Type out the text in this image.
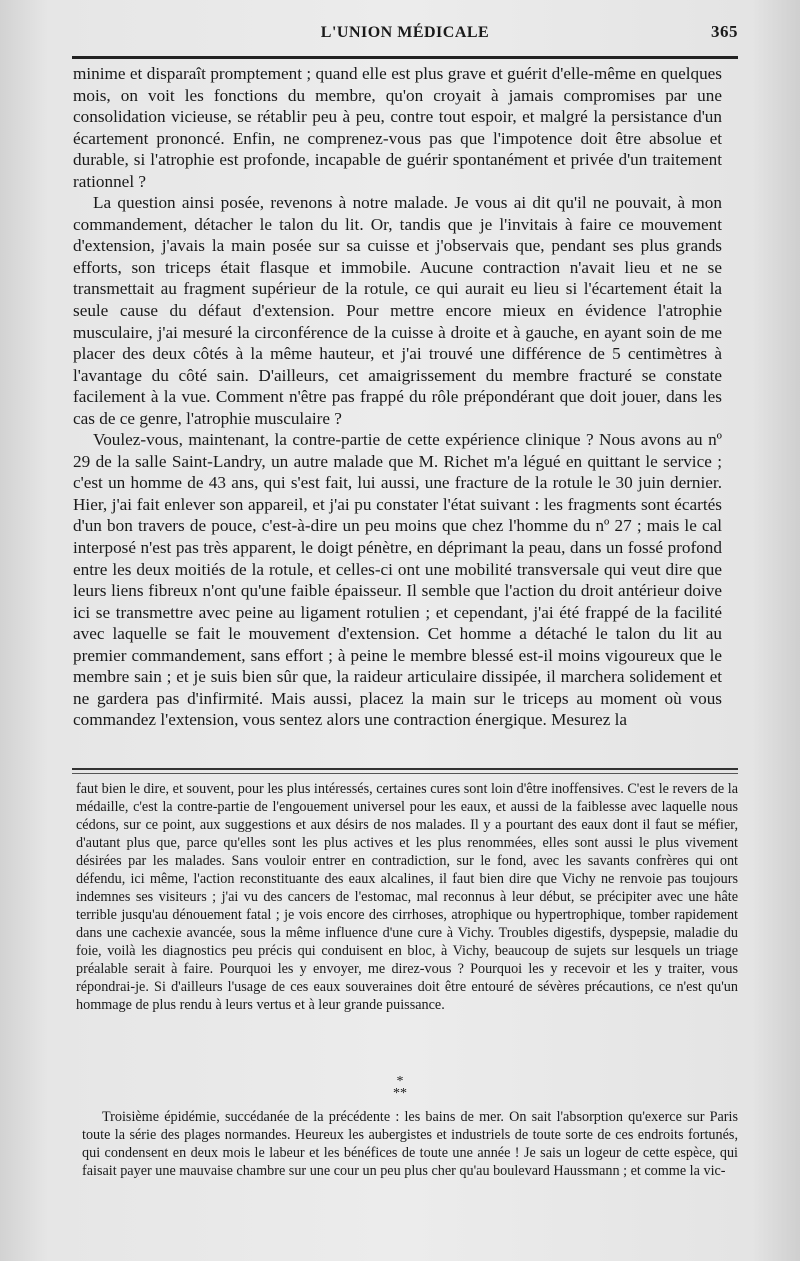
L'UNION MÉDICALE	365

minime et disparaît promptement ; quand elle est plus grave et guérit d'elle-même en quelques mois, on voit les fonctions du membre, qu'on croyait à jamais compromises par une consolidation vicieuse, se rétablir peu à peu, contre tout espoir, et malgré la persistance d'un écartement prononcé. Enfin, ne comprenez-vous pas que l'impotence doit être absolue et durable, si l'atrophie est profonde, incapable de guérir spontanément et privée d'un traitement rationnel ?

La question ainsi posée, revenons à notre malade. Je vous ai dit qu'il ne pouvait, à mon commandement, détacher le talon du lit. Or, tandis que je l'invitais à faire ce mouvement d'extension, j'avais la main posée sur sa cuisse et j'observais que, pendant ses plus grands efforts, son triceps était flasque et immobile. Aucune contraction n'avait lieu et ne se transmettait au fragment supérieur de la rotule, ce qui aurait eu lieu si l'écartement était la seule cause du défaut d'extension. Pour mettre encore mieux en évidence l'atrophie musculaire, j'ai mesuré la circonférence de la cuisse à droite et à gauche, en ayant soin de me placer des deux côtés à la même hauteur, et j'ai trouvé une différence de 5 centimètres à l'avantage du côté sain. D'ailleurs, cet amaigrissement du membre fracturé se constate facilement à la vue. Comment n'être pas frappé du rôle prépondérant que doit jouer, dans les cas de ce genre, l'atrophie musculaire ?

Voulez-vous, maintenant, la contre-partie de cette expérience clinique ? Nous avons au nº 29 de la salle Saint-Landry, un autre malade que M. Richet m'a légué en quittant le service ; c'est un homme de 43 ans, qui s'est fait, lui aussi, une fracture de la rotule le 30 juin dernier. Hier, j'ai fait enlever son appareil, et j'ai pu constater l'état suivant : les fragments sont écartés d'un bon travers de pouce, c'est-à-dire un peu moins que chez l'homme du nº 27 ; mais le cal interposé n'est pas très apparent, le doigt pénètre, en déprimant la peau, dans un fossé profond entre les deux moitiés de la rotule, et celles-ci ont une mobilité transversale qui veut dire que leurs liens fibreux n'ont qu'une faible épaisseur. Il semble que l'action du droit antérieur doive ici se transmettre avec peine au ligament rotulien ; et cependant, j'ai été frappé de la facilité avec laquelle se fait le mouvement d'extension. Cet homme a détaché le talon du lit au premier commandement, sans effort ; à peine le membre blessé est-il moins vigoureux que le membre sain ; et je suis bien sûr que, la raideur articulaire dissipée, il marchera solidement et ne gardera pas d'infirmité. Mais aussi, placez la main sur le triceps au moment où vous commandez l'extension, vous sentez alors une contraction énergique. Mesurez la

faut bien le dire, et souvent, pour les plus intéressés, certaines cures sont loin d'être inoffensives. C'est le revers de la médaille, c'est la contre-partie de l'engouement universel pour les eaux, et aussi de la faiblesse avec laquelle nous cédons, sur ce point, aux suggestions et aux désirs de nos malades. Il y a pourtant des eaux dont il faut se méfier, d'autant plus que, parce qu'elles sont les plus actives et les plus renommées, elles sont aussi le plus vivement désirées par les malades. Sans vouloir entrer en contradiction, sur le fond, avec les savants confrères qui ont défendu, ici même, l'action reconstituante des eaux alcalines, il faut bien dire que Vichy ne renvoie pas toujours indemnes ses visiteurs ; j'ai vu des cancers de l'estomac, mal reconnus à leur début, se précipiter avec une hâte terrible jusqu'au dénouement fatal ; je vois encore des cirrhoses, atrophique ou hypertrophique, tomber rapidement dans une cachexie avancée, sous la même influence d'une cure à Vichy. Troubles digestifs, dyspepsie, maladie du foie, voilà les diagnostics peu précis qui conduisent en bloc, à Vichy, beaucoup de sujets sur lesquels un triage préalable serait à faire. Pourquoi les y envoyer, me direz-vous ? Pourquoi les y recevoir et les y traiter, vous répondrai-je. Si d'ailleurs l'usage de ces eaux souveraines doit être entouré de sévères précautions, ce n'est qu'un hommage de plus rendu à leurs vertus et à leur grande puissance.

*
**

Troisième épidémie, succédanée de la précédente : les bains de mer. On sait l'absorption qu'exerce sur Paris toute la série des plages normandes. Heureux les aubergistes et industriels de toute sorte de ces endroits fortunés, qui condensent en deux mois le labeur et les bénéfices de toute une année ! Je sais un logeur de cette espèce, qui faisait payer une mauvaise chambre sur une cour un peu plus cher qu'au boulevard Haussmann ; et comme la vic-
